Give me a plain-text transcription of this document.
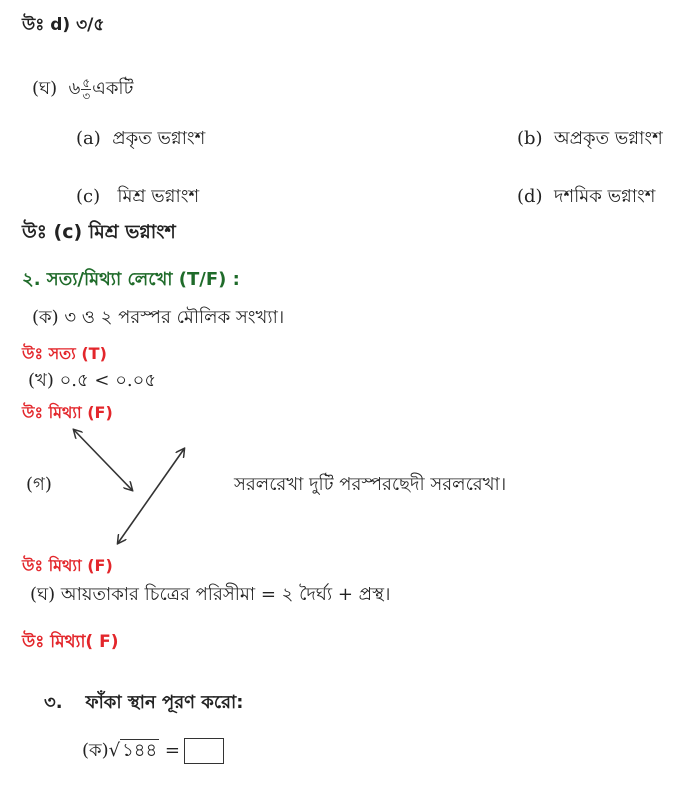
উঃ d) ৩/৫
(ঘ) ৬ $\frac{৫}{৩}$ একটি
(a) প্রকৃত ভগ্নাংশ	(b) অপ্রকৃত ভগ্নাংশ
(c) মিশ্র ভগ্নাংশ	(d) দশমিক ভগ্নাংশ
উঃ (c) মিশ্র ভগ্নাংশ
২. সত্য/মিথ্যা লেখো (T/F) :
(ক) ৩ ও ২ পরস্পর মৌলিক সংখ্যা।
উঃ সত্য (T)
(খ) ০.৫ < ০.০৫
উঃ মিথ্যা (F)
(গ)	সরলরেখা দুটি পরস্পরছেদী সরলরেখা।
উঃ মিথ্যা (F)
(ঘ) আয়তাকার চিত্রের পরিসীমা = ২ দৈর্ঘ্য + প্রস্থ।
উঃ মিথ্যা( F)
৩. ফাঁকা স্থান পূরণ করো:
(ক)√ ১৪৪ =
